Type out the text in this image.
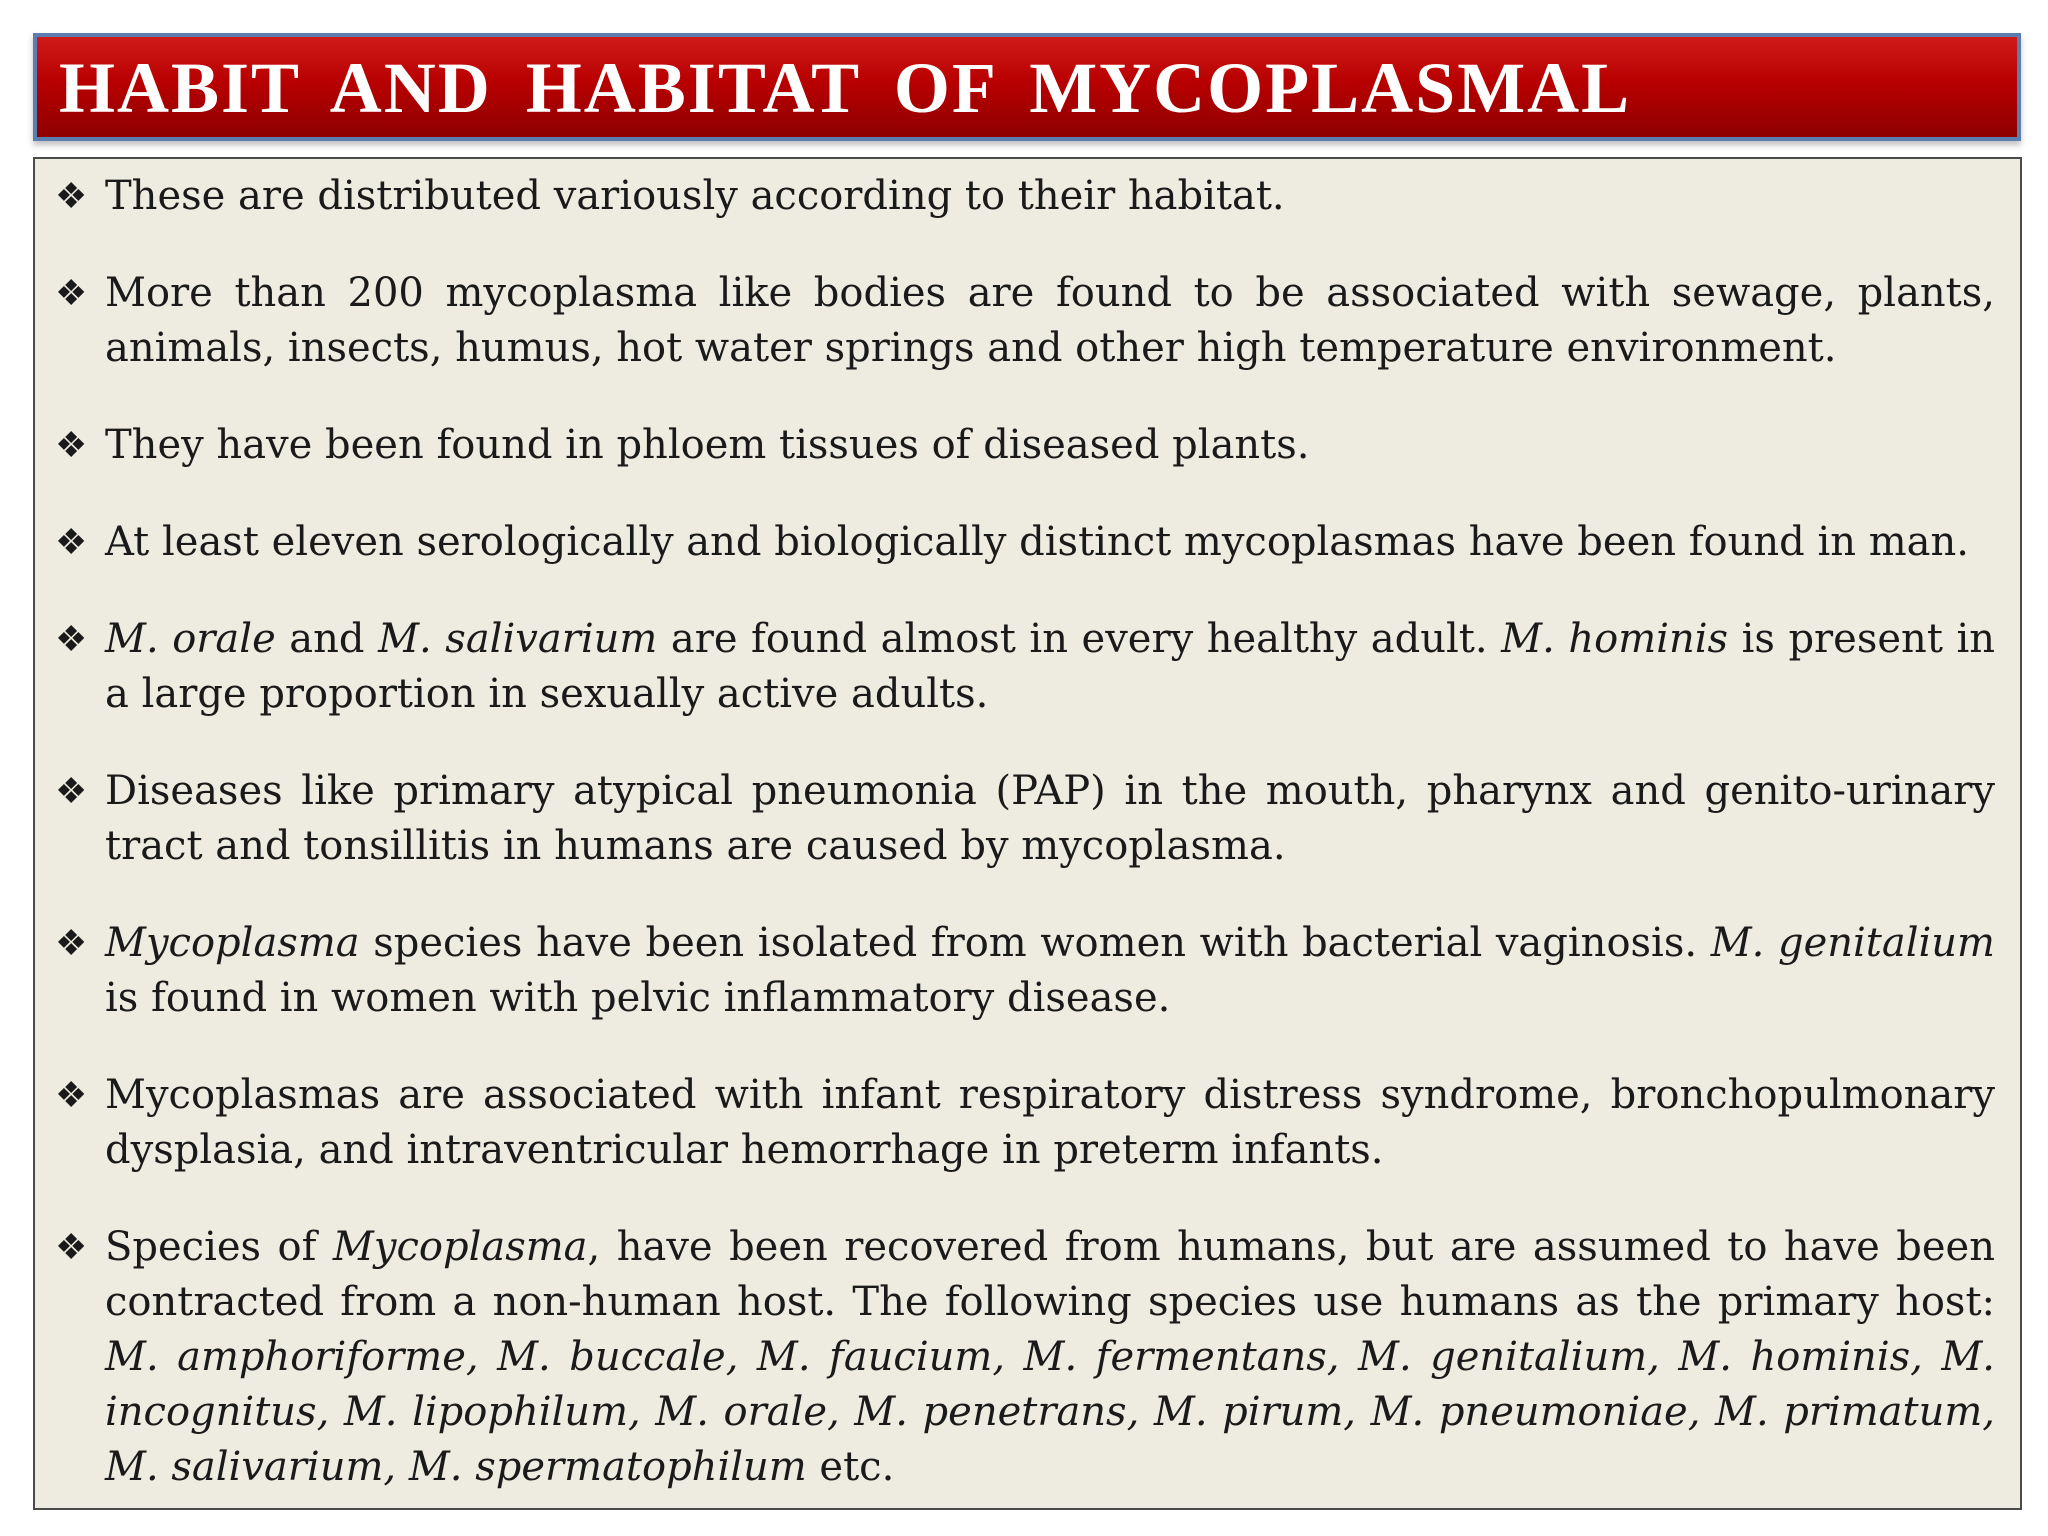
HABIT AND HABITAT OF MYCOPLASMAL
❖ These are distributed variously according to their habitat.
❖ More than 200 mycoplasma like bodies are found to be associated with sewage, plants, animals, insects, humus, hot water springs and other high temperature environment.
❖ They have been found in phloem tissues of diseased plants.
❖ At least eleven serologically and biologically distinct mycoplasmas have been found in man.
❖ M. orale and M. salivarium are found almost in every healthy adult. M. hominis is present in a large proportion in sexually active adults.
❖ Diseases like primary atypical pneumonia (PAP) in the mouth, pharynx and genito-urinary tract and tonsillitis in humans are caused by mycoplasma.
❖ Mycoplasma species have been isolated from women with bacterial vaginosis. M. genitalium is found in women with pelvic inflammatory disease.
❖ Mycoplasmas are associated with infant respiratory distress syndrome, bronchopulmonary dysplasia, and intraventricular hemorrhage in preterm infants.
❖ Species of Mycoplasma, have been recovered from humans, but are assumed to have been contracted from a non-human host. The following species use humans as the primary host: M. amphoriforme, M. buccale, M. faucium, M. fermentans, M. genitalium, M. hominis, M. incognitus, M. lipophilum, M. orale, M. penetrans, M. pirum, M. pneumoniae, M. primatum, M. salivarium, M. spermatophilum etc.
